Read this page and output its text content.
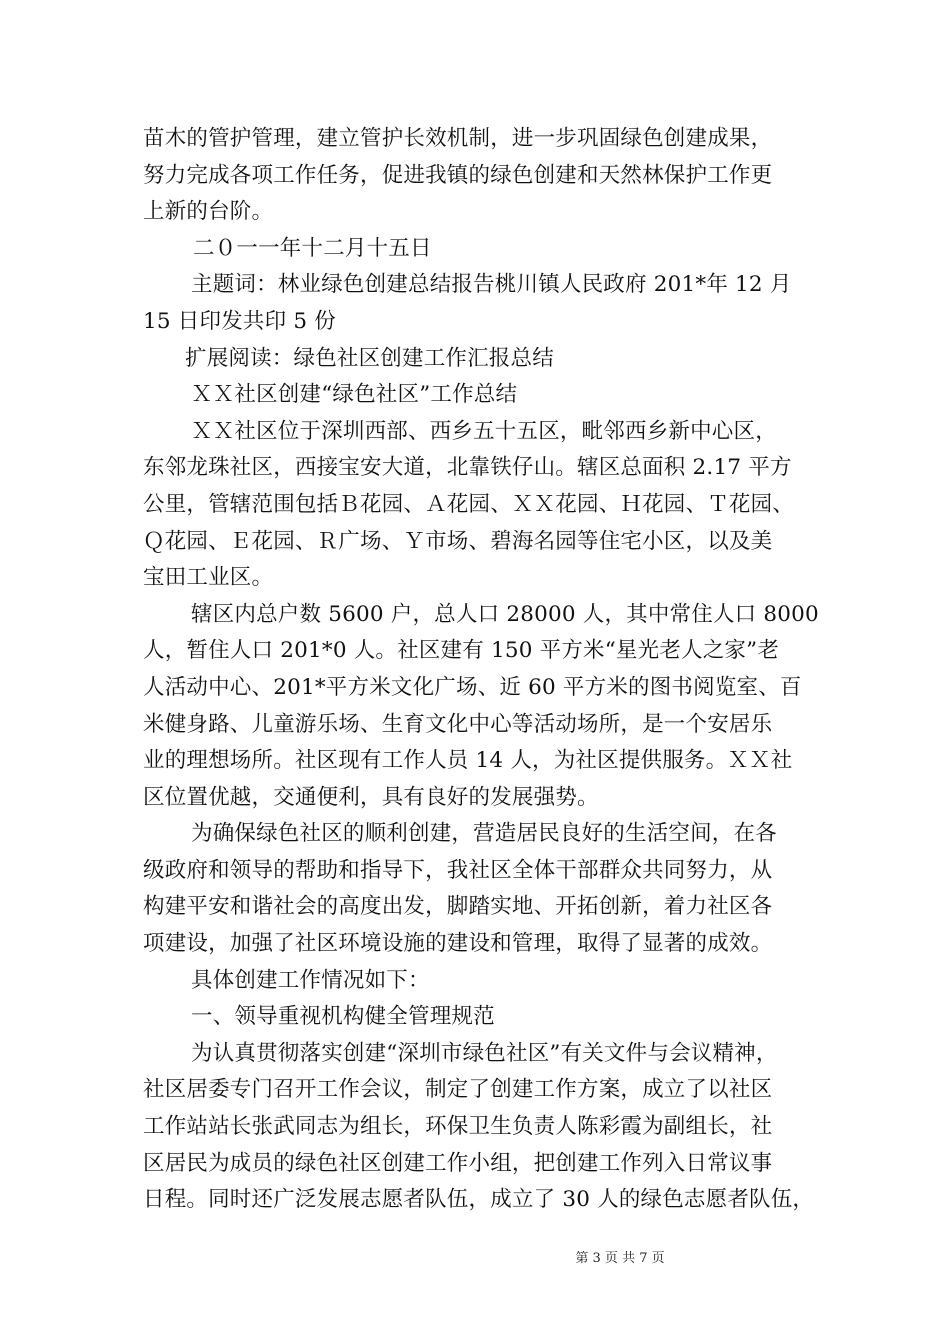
苗木的管护管理，建立管护长效机制，进一步巩固绿色创建成果，
努力完成各项工作任务，促进我镇的绿色创建和天然林保护工作更
上新的台阶。
二０一一年十二月十五日
主题词：林业绿色创建总结报告桃川镇人民政府 201*年 12 月
15 日印发共印 5 份
扩展阅读：绿色社区创建工作汇报总结
ＸＸ社区创建“绿色社区”工作总结
ＸＸ社区位于深圳西部、西乡五十五区，毗邻西乡新中心区，
东邻龙珠社区，西接宝安大道，北靠铁仔山。辖区总面积 2.17 平方
公里，管辖范围包括Ｂ花园、Ａ花园、ＸＸ花园、Ｈ花园、Ｔ花园、
Ｑ花园、Ｅ花园、Ｒ广场、Ｙ市场、碧海名园等住宅小区，以及美
宝田工业区。
辖区内总户数 5600 户，总人口 28000 人，其中常住人口 8000
人，暂住人口 201*0 人。社区建有 150 平方米“星光老人之家”老
人活动中心、201*平方米文化广场、近 60 平方米的图书阅览室、百
米健身路、儿童游乐场、生育文化中心等活动场所，是一个安居乐
业的理想场所。社区现有工作人员 14 人，为社区提供服务。ＸＸ社
区位置优越，交通便利，具有良好的发展强势。
为确保绿色社区的顺利创建，营造居民良好的生活空间，在各
级政府和领导的帮助和指导下，我社区全体干部群众共同努力，从
构建平安和谐社会的高度出发，脚踏实地、开拓创新，着力社区各
项建设，加强了社区环境设施的建设和管理，取得了显著的成效。
具体创建工作情况如下：
一、领导重视机构健全管理规范
为认真贯彻落实创建“深圳市绿色社区”有关文件与会议精神，
社区居委专门召开工作会议，制定了创建工作方案，成立了以社区
工作站站长张武同志为组长，环保卫生负责人陈彩霞为副组长，社
区居民为成员的绿色社区创建工作小组，把创建工作列入日常议事
日程。同时还广泛发展志愿者队伍，成立了 30 人的绿色志愿者队伍，
第 3 页 共 7 页
